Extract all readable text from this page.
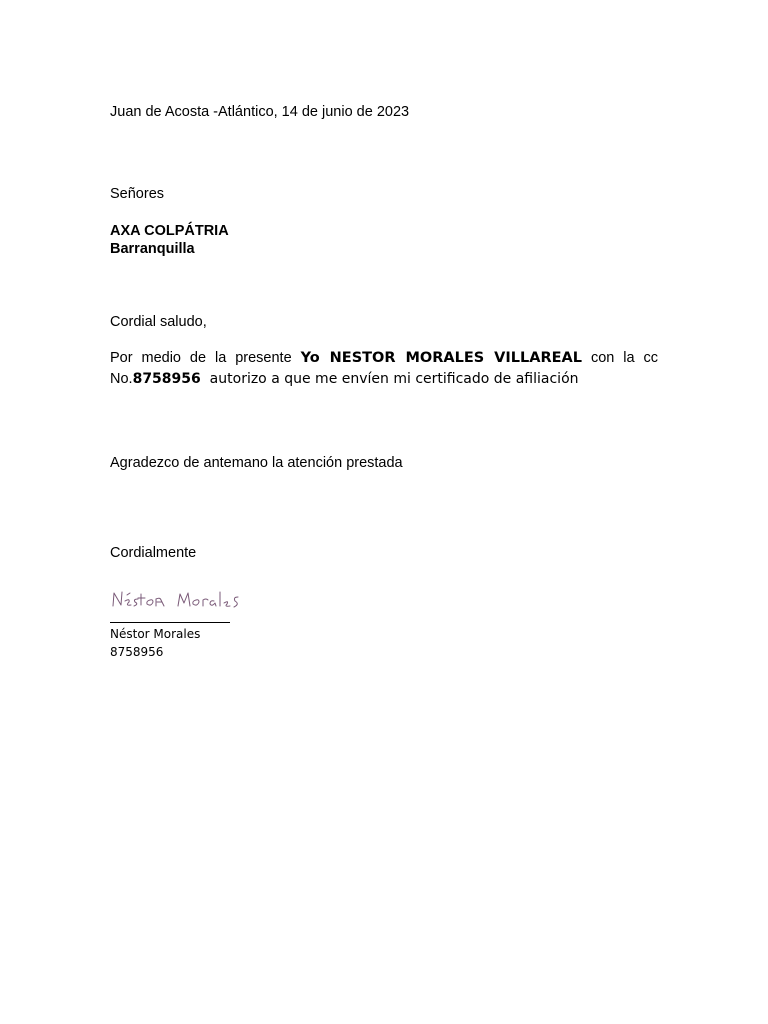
Juan de Acosta -Atlántico, 14 de junio de 2023
Señores
AXA COLPÁTRIA
Barranquilla
Cordial saludo,
Por medio de la presente Yo NESTOR MORALES VILLAREAL con la cc
No.8758956  autorizo a que me envíen mi certificado de afiliación
Agradezco de antemano la atención prestada
Cordialmente
Néstor Morales
8758956
